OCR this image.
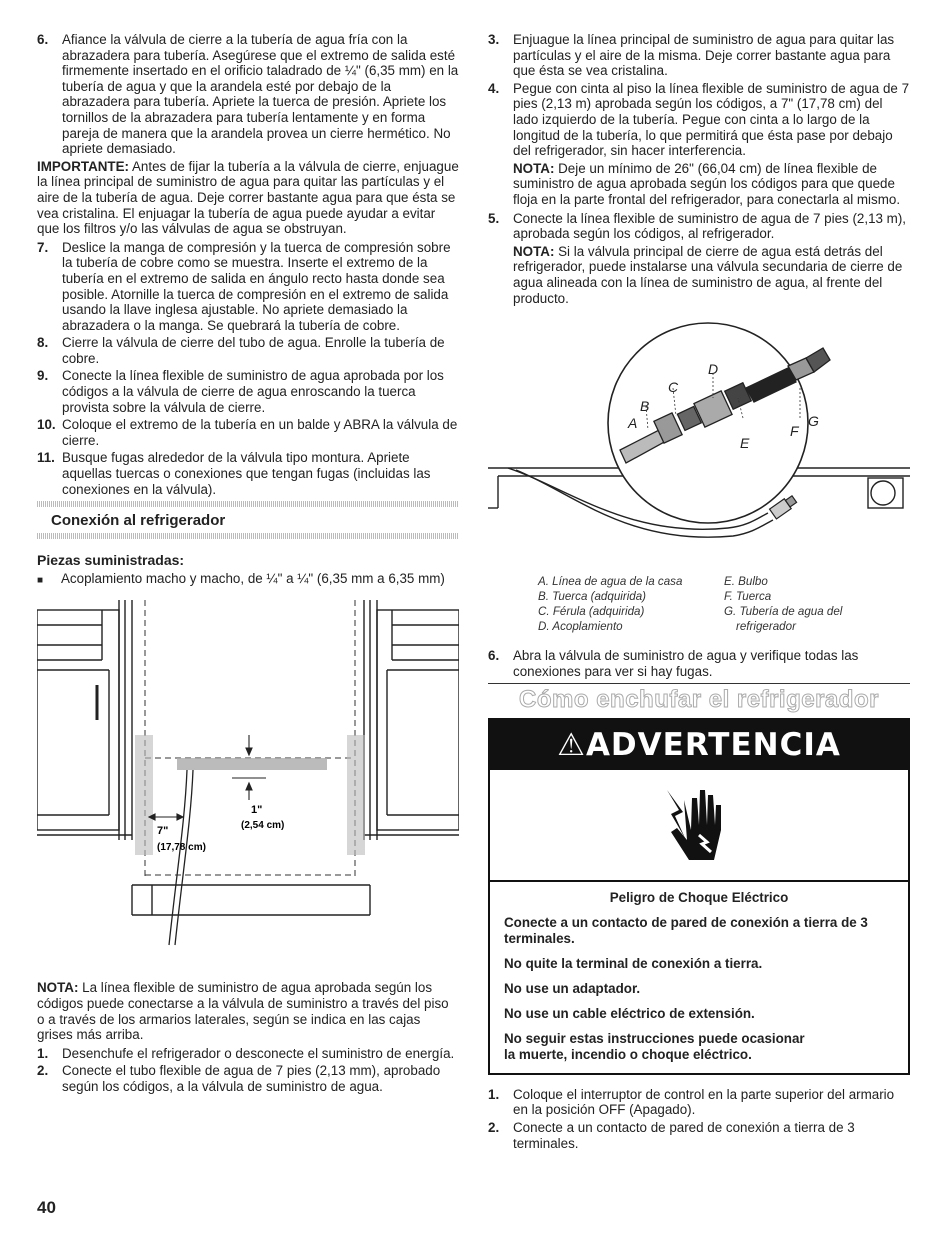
6.	Afiance la válvula de cierre a la tubería de agua fría con la abrazadera para tubería. Asegúrese que el extremo de salida esté firmemente insertado en el orificio taladrado de ¼" (6,35 mm) en la tubería de agua y que la arandela esté por debajo de la abrazadera para tubería. Apriete la tuerca de presión. Apriete los tornillos de la abrazadera para tubería lentamente y en forma pareja de manera que la arandela provea un cierre hermético. No apriete demasiado.
IMPORTANTE: Antes de fijar la tubería a la válvula de cierre, enjuague la línea principal de suministro de agua para quitar las partículas y el aire de la tubería de agua. Deje correr bastante agua para que ésta se vea cristalina. El enjuagar la tubería de agua puede ayudar a evitar que los filtros y/o las válvulas de agua se obstruyan.
7.	Deslice la manga de compresión y la tuerca de compresión sobre la tubería de cobre como se muestra. Inserte el extremo de la tubería en el extremo de salida en ángulo recto hasta donde sea posible. Atornille la tuerca de compresión en el extremo de salida usando la llave inglesa ajustable. No apriete demasiado la abrazadera o la manga. Se quebrará la tubería de cobre.
8.	Cierre la válvula de cierre del tubo de agua. Enrolle la tubería de cobre.
9.	Conecte la línea flexible de suministro de agua aprobada por los códigos a la válvula de cierre de agua enroscando la tuerca provista sobre la válvula de cierre.
10. Coloque el extremo de la tubería en un balde y ABRA la válvula de cierre.
11. Busque fugas alrededor de la válvula tipo montura. Apriete aquellas tuercas o conexiones que tengan fugas (incluidas las conexiones en la válvula).
Conexión al refrigerador
Piezas suministradas:
■	Acoplamiento macho y macho, de ¼" a ¼" (6,35 mm a 6,35 mm)
7"
(17,78 cm)
1"
(2,54 cm)
NOTA: La línea flexible de suministro de agua aprobada según los códigos puede conectarse a la válvula de suministro a través del piso o a través de los armarios laterales, según se indica en las cajas grises más arriba.
1.	Desenchufe el refrigerador o desconecte el suministro de energía.
2.	Conecte el tubo flexible de agua de 7 pies (2,13 mm), aprobado según los códigos, a la válvula de suministro de agua.
3.	Enjuague la línea principal de suministro de agua para quitar las partículas y el aire de la misma. Deje correr bastante agua para que ésta se vea cristalina.
4.	Pegue con cinta al piso la línea flexible de suministro de agua de 7 pies (2,13 m) aprobada según los códigos, a 7" (17,78 cm) del lado izquierdo de la tubería. Pegue con cinta a lo largo de la longitud de la tubería, lo que permitirá que ésta pase por debajo del refrigerador, sin hacer interferencia.
NOTA: Deje un mínimo de 26" (66,04 cm) de línea flexible de suministro de agua aprobada según los códigos para que quede floja en la parte frontal del refrigerador, para conectarla al mismo.
5.	Conecte la línea flexible de suministro de agua de 7 pies (2,13 m), aprobada según los códigos, al refrigerador.
NOTA: Si la válvula principal de cierre de agua está detrás del refrigerador, puede instalarse una válvula secundaria de cierre de agua alineada con la línea de suministro de agua, al frente del producto.
A
B
C
D
E
F
G
A. Línea de agua de la casa
B. Tuerca (adquirida)
C. Férula (adquirida)
D. Acoplamiento
E. Bulbo
F. Tuerca
G. Tubería de agua del
refrigerador
6.	Abra la válvula de suministro de agua y verifique todas las conexiones para ver si hay fugas.
Cómo enchufar el refrigerador
⚠ADVERTENCIA

Peligro de Choque Eléctrico

Conecte a un contacto de pared de conexión a tierra de 3 terminales.

No quite la terminal de conexión a tierra.

No use un adaptador.

No use un cable eléctrico de extensión.

No seguir estas instrucciones puede ocasionar
la muerte, incendio o choque eléctrico.

1.	Coloque el interruptor de control en la parte superior del armario en la posición OFF (Apagado).
2.	Conecte a un contacto de pared de conexión a tierra de 3 terminales.
40
